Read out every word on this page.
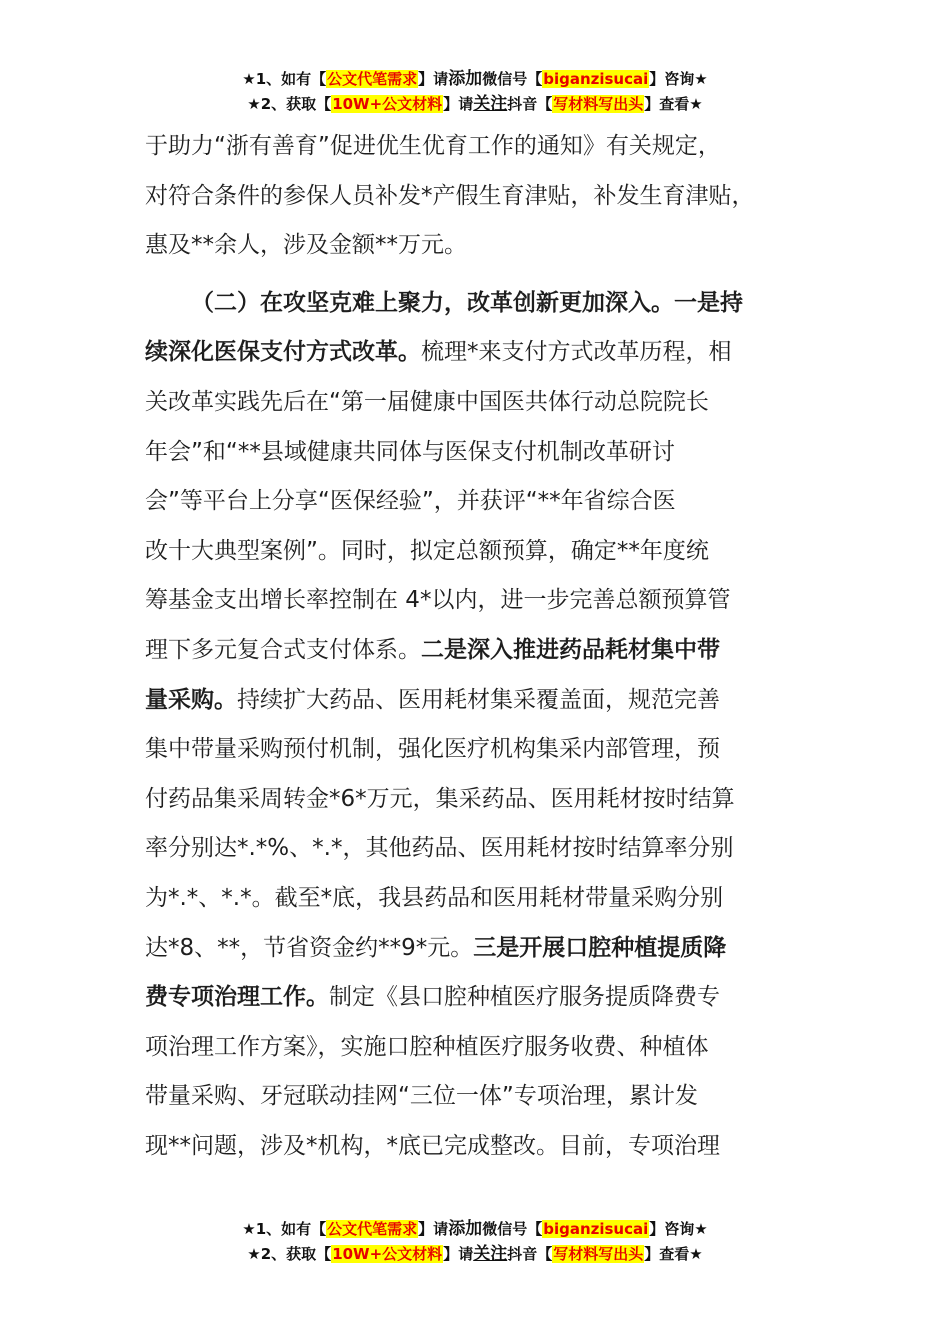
★1、如有【公文代笔需求】请添加微信号【biganzisucai】咨询★
★2、获取【10W+公文材料】请关注抖音【写材料写出头】查看★

于助力“浙有善育”促进优生优育工作的通知》有关规定，

对符合条件的参保人员补发*产假生育津贴，补发生育津贴，

惠及**余人，涉及金额**万元。

（二）在攻坚克难上聚力，改革创新更加深入。一是持

续深化医保支付方式改革。梳理*来支付方式改革历程，相

关改革实践先后在“第一届健康中国医共体行动总院院长

年会”和“**县域健康共同体与医保支付机制改革研讨

会”等平台上分享“医保经验”，并获评“**年省综合医

改十大典型案例”。同时，拟定总额预算，确定**年度统

筹基金支出增长率控制在 4*以内，进一步完善总额预算管

理下多元复合式支付体系。二是深入推进药品耗材集中带

量采购。持续扩大药品、医用耗材集采覆盖面，规范完善

集中带量采购预付机制，强化医疗机构集采内部管理，预

付药品集采周转金*6*万元，集采药品、医用耗材按时结算

率分别达*.*%、*.*，其他药品、医用耗材按时结算率分别

为*.*、*.*。截至*底，我县药品和医用耗材带量采购分别

达*8、**，节省资金约**9*元。三是开展口腔种植提质降

费专项治理工作。制定《县口腔种植医疗服务提质降费专

项治理工作方案》，实施口腔种植医疗服务收费、种植体

带量采购、牙冠联动挂网“三位一体”专项治理，累计发

现**问题，涉及*机构，*底已完成整改。目前，专项治理

★1、如有【公文代笔需求】请添加微信号【biganzisucai】咨询★
★2、获取【10W+公文材料】请关注抖音【写材料写出头】查看★
